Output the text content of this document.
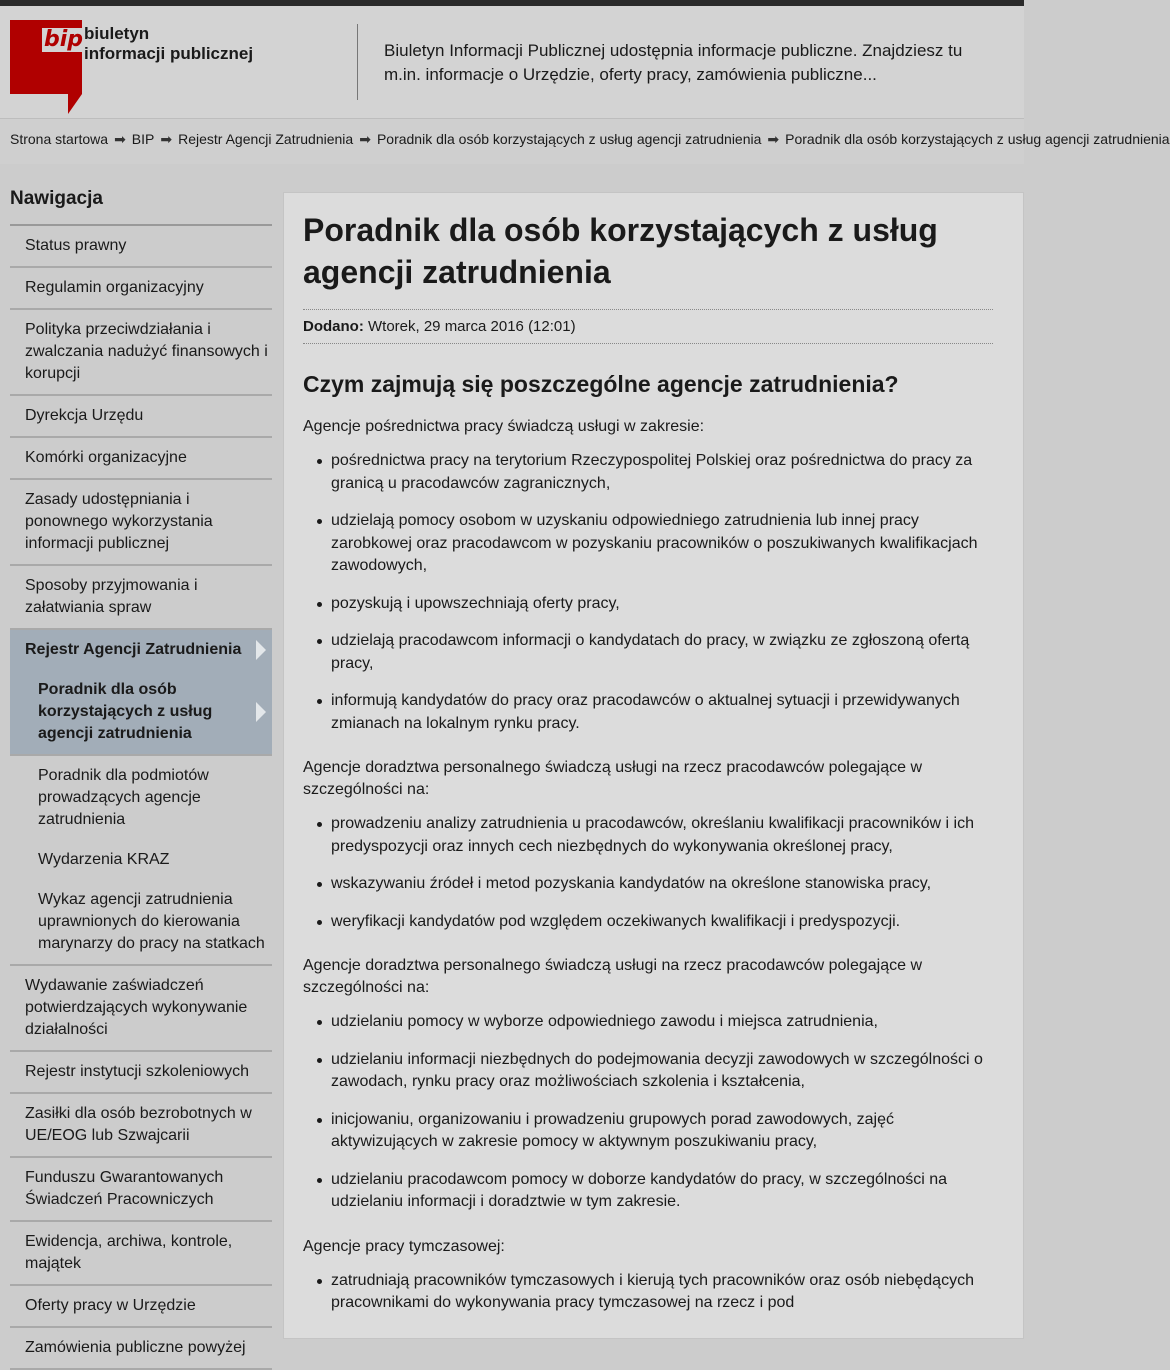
bip biuletyn
informacji publicznej	Biuletyn Informacji Publicznej udostępnia informacje publiczne. Znajdziesz tu m.in. informacje o Urzędzie, oferty pracy, zamówienia publiczne...
Strona startowa ➡ BIP ➡ Rejestr Agencji Zatrudnienia ➡ Poradnik dla osób korzystających z usług agencji zatrudnienia ➡ Poradnik dla osób korzystających z usług agencji zatrudnienia
Nawigacja
Status prawny
Regulamin organizacyjny
Polityka przeciwdziałania i zwalczania nadużyć finansowych i korupcji
Dyrekcja Urzędu
Komórki organizacyjne
Zasady udostępniania i ponownego wykorzystania informacji publicznej
Sposoby przyjmowania i załatwiania spraw
Rejestr Agencji Zatrudnienia
Poradnik dla osób korzystających z usług agencji zatrudnienia
Poradnik dla podmiotów prowadzących agencje zatrudnienia
Wydarzenia KRAZ
Wykaz agencji zatrudnienia uprawnionych do kierowania marynarzy do pracy na statkach
Wydawanie zaświadczeń potwierdzających wykonywanie działalności
Rejestr instytucji szkoleniowych
Zasiłki dla osób bezrobotnych w UE/EOG lub Szwajcarii
Funduszu Gwarantowanych Świadczeń Pracowniczych
Ewidencja, archiwa, kontrole, majątek
Oferty pracy w Urzędzie
Zamówienia publiczne powyżej
Poradnik dla osób korzystających z usług agencji zatrudnienia
Dodano: Wtorek, 29 marca 2016 (12:01)
Czym zajmują się poszczególne agencje zatrudnienia?

Agencje pośrednictwa pracy świadczą usługi w zakresie:

pośrednictwa pracy na terytorium Rzeczypospolitej Polskiej oraz pośrednictwa do pracy za granicą u pracodawców zagranicznych,
udzielają pomocy osobom w uzyskaniu odpowiedniego zatrudnienia lub innej pracy zarobkowej oraz pracodawcom w pozyskaniu pracowników o poszukiwanych kwalifikacjach zawodowych,
pozyskują i upowszechniają oferty pracy,
udzielają pracodawcom informacji o kandydatach do pracy, w związku ze zgłoszoną ofertą pracy,
informują kandydatów do pracy oraz pracodawców o aktualnej sytuacji i przewidywanych zmianach na lokalnym rynku pracy.

Agencje doradztwa personalnego świadczą usługi na rzecz pracodawców polegające w szczególności na:

prowadzeniu analizy zatrudnienia u pracodawców, określaniu kwalifikacji pracowników i ich predyspozycji oraz innych cech niezbędnych do wykonywania określonej pracy,
wskazywaniu źródeł i metod pozyskania kandydatów na określone stanowiska pracy,
weryfikacji kandydatów pod względem oczekiwanych kwalifikacji i predyspozycji.

Agencje doradztwa personalnego świadczą usługi na rzecz pracodawców polegające w szczególności na:

udzielaniu pomocy w wyborze odpowiedniego zawodu i miejsca zatrudnienia,
udzielaniu informacji niezbędnych do podejmowania decyzji zawodowych w szczególności o zawodach, rynku pracy oraz możliwościach szkolenia i kształcenia,
inicjowaniu, organizowaniu i prowadzeniu grupowych porad zawodowych, zajęć aktywizujących w zakresie pomocy w aktywnym poszukiwaniu pracy,
udzielaniu pracodawcom pomocy w doborze kandydatów do pracy, w szczególności na udzielaniu informacji i doradztwie w tym zakresie.

Agencje pracy tymczasowej:

zatrudniają pracowników tymczasowych i kierują tych pracowników oraz osób niebędących pracownikami do wykonywania pracy tymczasowej na rzecz i pod
